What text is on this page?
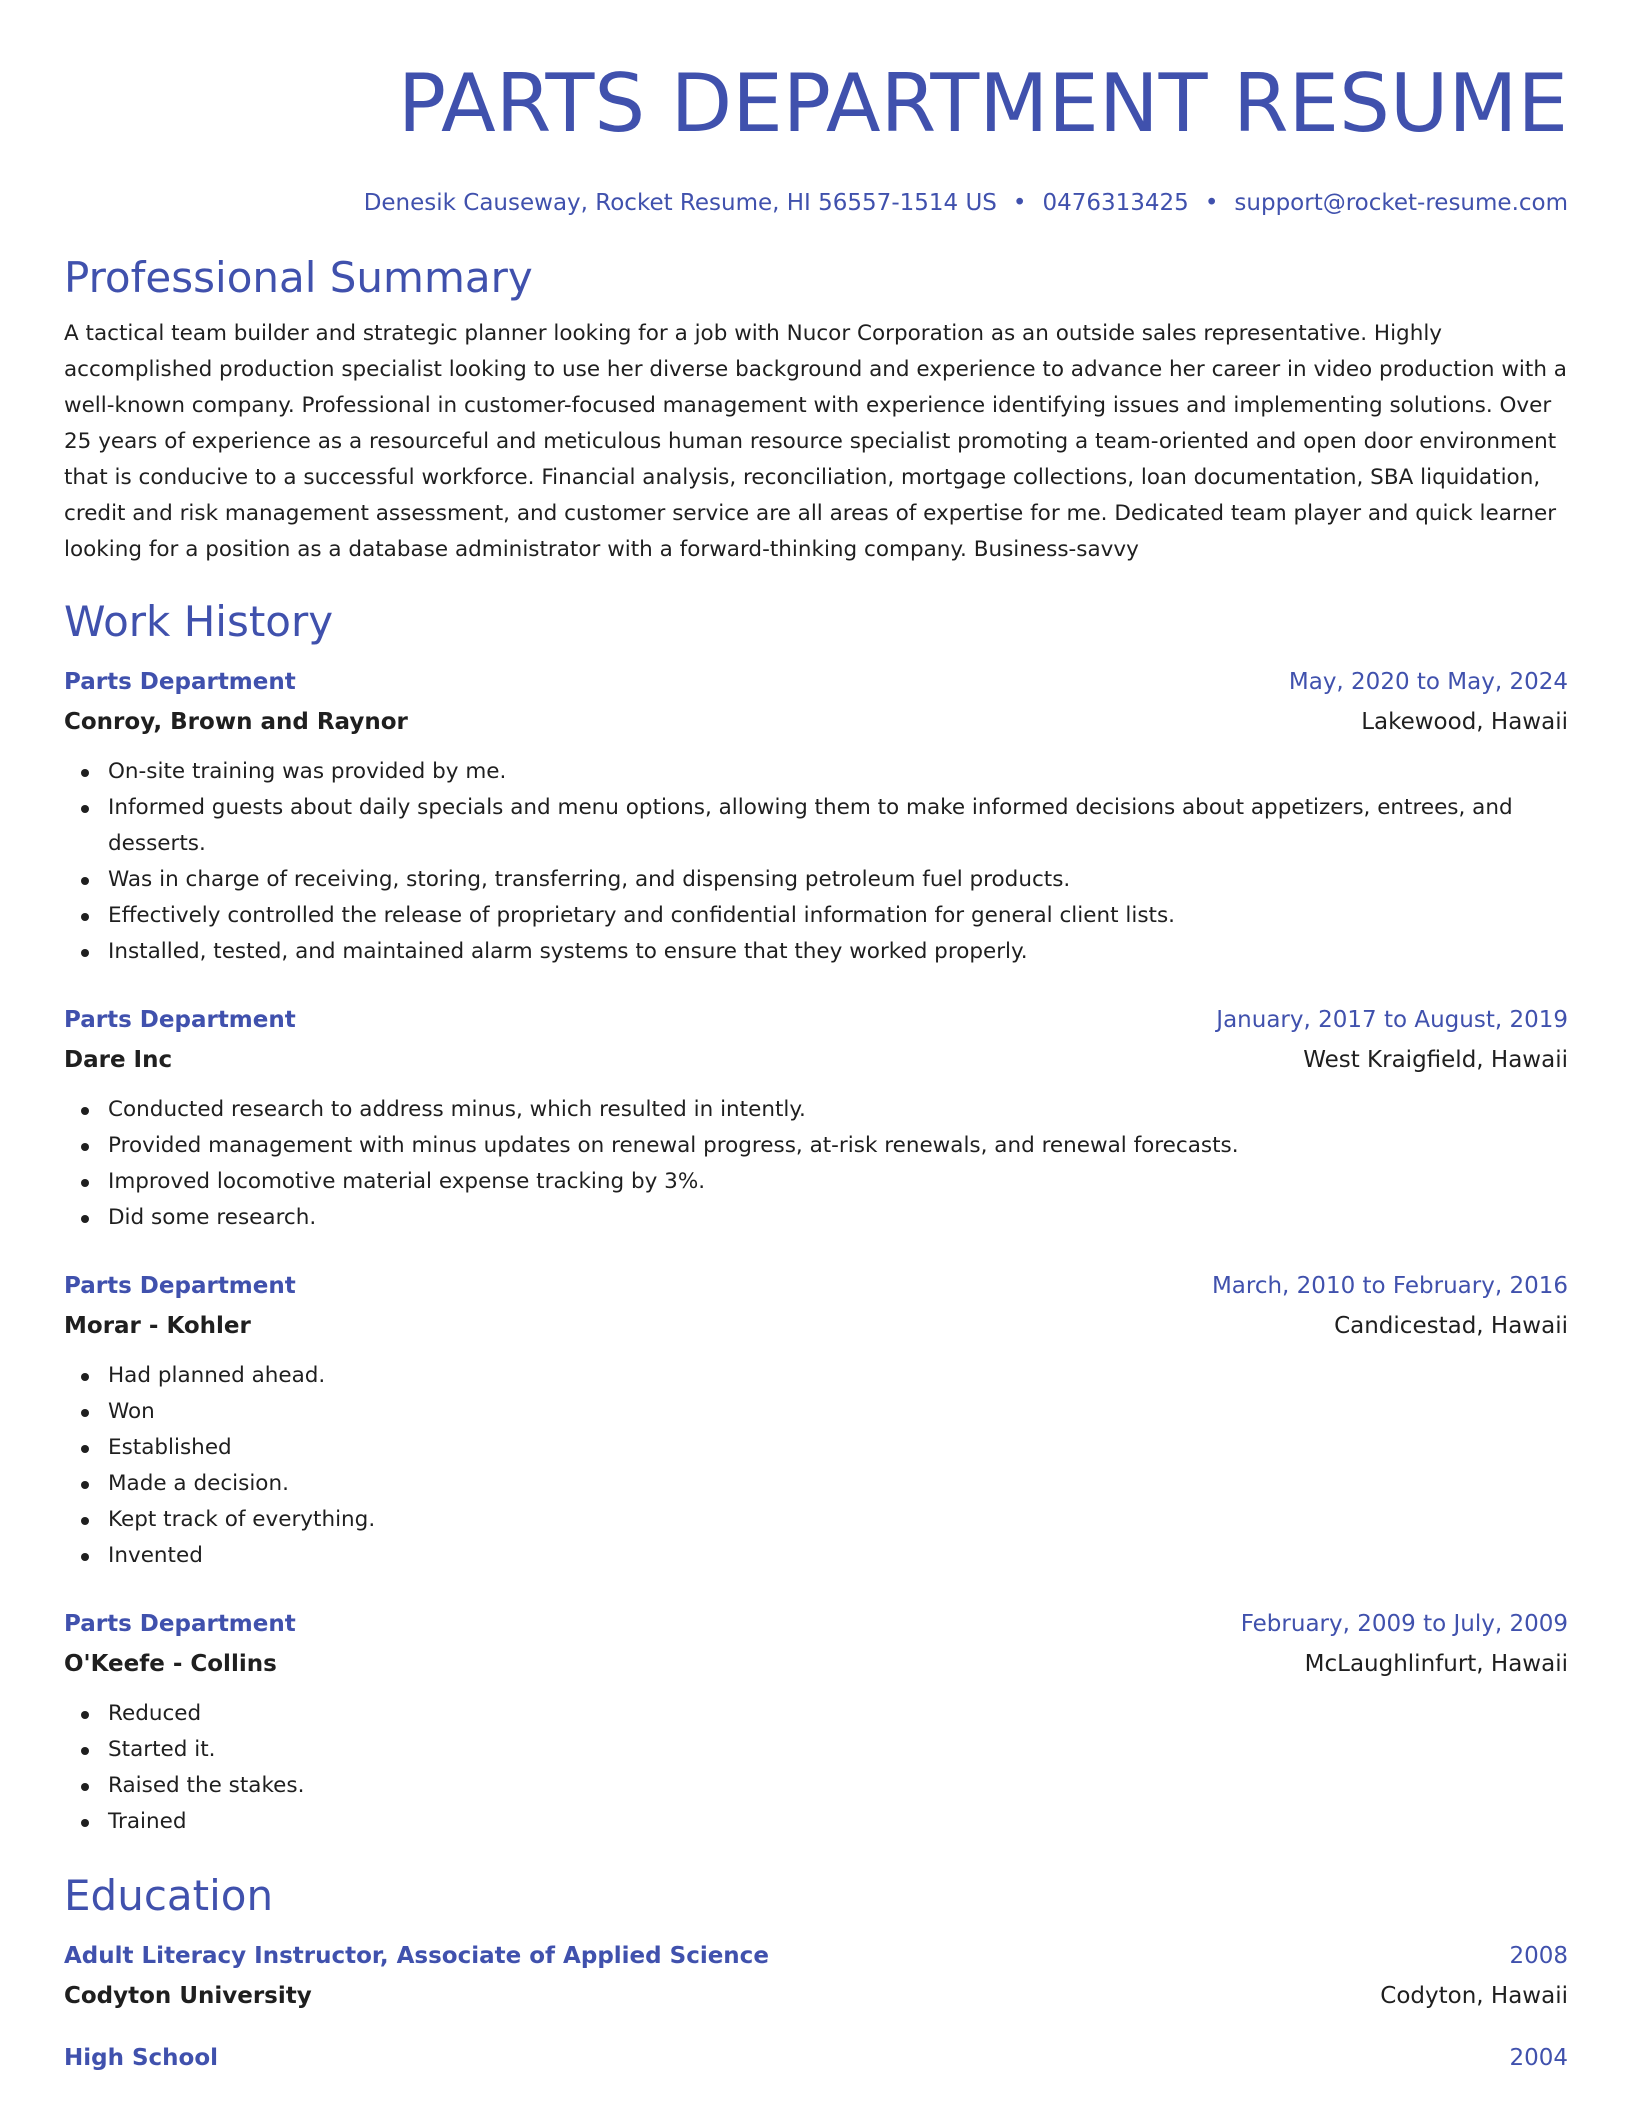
PARTS DEPARTMENT RESUME
Denesik Causeway, Rocket Resume, HI 56557-1514 US • 0476313425 • support@rocket-resume.com
Professional Summary
A tactical team builder and strategic planner looking for a job with Nucor Corporation as an outside sales representative. Highly accomplished production specialist looking to use her diverse background and experience to advance her career in video production with a well-known company. Professional in customer-focused management with experience identifying issues and implementing solutions. Over 25 years of experience as a resourceful and meticulous human resource specialist promoting a team-oriented and open door environment that is conducive to a successful workforce. Financial analysis, reconciliation, mortgage collections, loan documentation, SBA liquidation, credit and risk management assessment, and customer service are all areas of expertise for me. Dedicated team player and quick learner looking for a position as a database administrator with a forward-thinking company. Business-savvy
Work History
Parts Department	May, 2020 to May, 2024
Conroy, Brown and Raynor	Lakewood, Hawaii
On-site training was provided by me.
Informed guests about daily specials and menu options, allowing them to make informed decisions about appetizers, entrees, and desserts.
Was in charge of receiving, storing, transferring, and dispensing petroleum fuel products.
Effectively controlled the release of proprietary and confidential information for general client lists.
Installed, tested, and maintained alarm systems to ensure that they worked properly.
Parts Department	January, 2017 to August, 2019
Dare Inc	West Kraigfield, Hawaii
Conducted research to address minus, which resulted in intently.
Provided management with minus updates on renewal progress, at-risk renewals, and renewal forecasts.
Improved locomotive material expense tracking by 3%.
Did some research.
Parts Department	March, 2010 to February, 2016
Morar - Kohler	Candicestad, Hawaii
Had planned ahead.
Won
Established
Made a decision.
Kept track of everything.
Invented
Parts Department	February, 2009 to July, 2009
O'Keefe - Collins	McLaughlinfurt, Hawaii
Reduced
Started it.
Raised the stakes.
Trained
Education
Adult Literacy Instructor, Associate of Applied Science	2008
Codyton University	Codyton, Hawaii
High School	2004
